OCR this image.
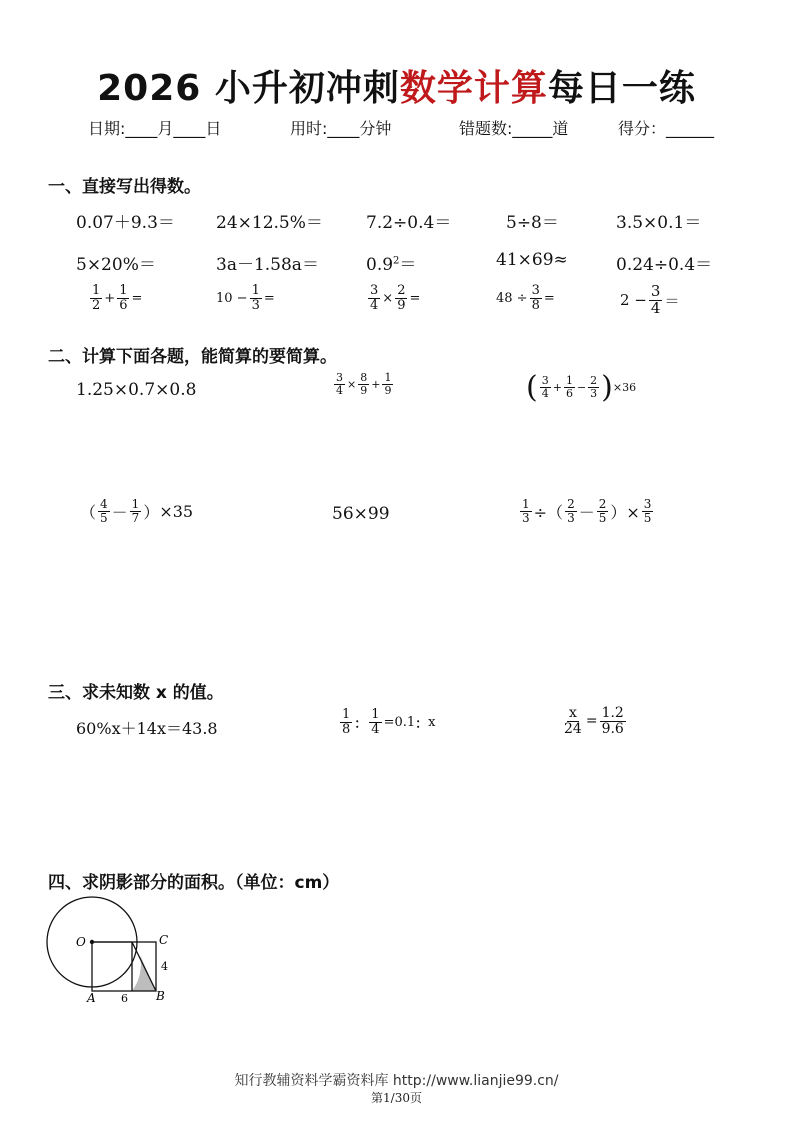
2026 小升初冲刺数学计算每日一练
日期:____月____日	用时:____分钟	错题数:_____道	得分：______
一、直接写出得数。
0.07＋9.3＝ 24×12.5%＝	7.2÷0.4＝	5÷8＝	3.5×0.1＝
5×20%＝	3a－1.58a＝	$0.9^2=$	41×69≈	0.24÷0.4＝
$\frac{1}{2} + \frac{1}{6}$ =	$10 - \frac{1}{3}$ =	$\frac{3}{4} \times \frac{2}{9}$ =	$48 \div \frac{3}{8}$ =	$2 - \frac{3}{4}$ ＝
二、计算下面各题，能简算的要简算。
1.25×0.7×0.8	$\frac{3}{4} \times \frac{8}{9} + \frac{1}{9}$	( $\frac{3}{4} + \frac{1}{6} - \frac{2}{3}$ ) ×36
（ $\frac{4}{5} - \frac{1}{7}$ ） ×35	56×99	$\frac{1}{3}$ ÷（ $\frac{2}{3} - \frac{2}{5}$ ）× $\frac{3}{5}$
三、求未知数 x 的值。
60%x＋14x＝43.8	$\frac{1}{8}$ ： $\frac{1}{4} =0.1$ ： x	$\frac{x}{24} = \frac{1.2}{9.6}$
四、求阴影部分的面积。（单位：cm）
O	C
4
A 6 B
知行教辅资料学霸资料库 http://www.lianjie99.cn/
第1/30页
